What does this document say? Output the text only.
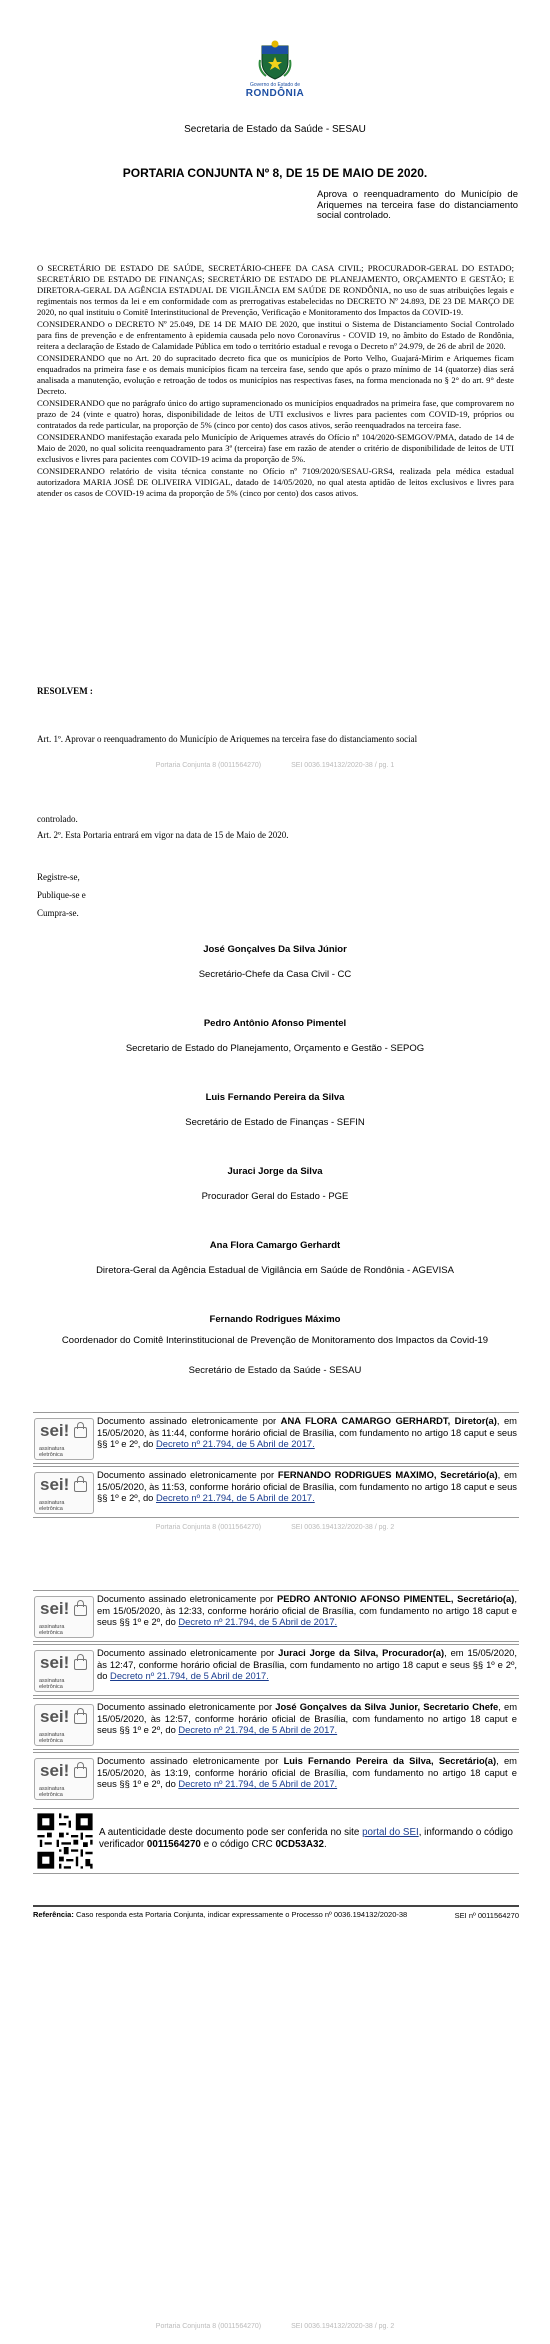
Governo do Estado de
RONDÔNIA
Secretaria de Estado da Saúde - SESAU
PORTARIA CONJUNTA Nº 8, DE 15 DE MAIO DE 2020.
Aprova o reenquadramento do Município de Ariquemes na terceira fase do distanciamento social controlado.

O SECRETÁRIO DE ESTADO DE SAÚDE, SECRETÁRIO-CHEFE DA CASA CIVIL; PROCURADOR-GERAL DO ESTADO; SECRETÁRIO DE ESTADO DE FINANÇAS; SECRETÁRIO DE ESTADO DE PLANEJAMENTO, ORÇAMENTO E GESTÃO; E DIRETORA-GERAL DA AGÊNCIA ESTADUAL DE VIGILÂNCIA EM SAÚDE DE RONDÔNIA, no uso de suas atribuições legais e regimentais nos termos da lei e em conformidade com as prerrogativas estabelecidas no DECRETO Nº 24.893, DE 23 DE MARÇO DE 2020, no qual instituiu o Comitê Interinstitucional de Prevenção, Verificação e Monitoramento dos Impactos da COVID-19.

CONSIDERANDO o DECRETO Nº 25.049, DE 14 DE MAIO DE 2020, que institui o Sistema de Distanciamento Social Controlado para fins de prevenção e de enfrentamento à epidemia causada pelo novo Coronavírus - COVID 19, no âmbito do Estado de Rondônia, reitera a declaração de Estado de Calamidade Pública em todo o território estadual e revoga o Decreto nº 24.979, de 26 de abril de 2020.

CONSIDERANDO que no Art. 20 do supracitado decreto fica que os municípios de Porto Velho, Guajará-Mirim e Ariquemes ficam enquadrados na primeira fase e os demais municípios ficam na terceira fase, sendo que após o prazo mínimo de 14 (quatorze) dias será analisada a manutenção, evolução e retroação de todos os municípios nas respectivas fases, na forma mencionada no § 2° do art. 9° deste Decreto.

CONSIDERANDO que no parágrafo único do artigo supramencionado os municípios enquadrados na primeira fase, que comprovarem no prazo de 24 (vinte e quatro) horas, disponibilidade de leitos de UTI exclusivos e livres para pacientes com COVID-19, próprios ou contratados da rede particular, na proporção de 5% (cinco por cento) dos casos ativos, serão reenquadrados na terceira fase.

CONSIDERANDO manifestação exarada pelo Município de Ariquemes através do Ofício nº 104/2020-SEMGOV/PMA, datado de 14 de Maio de 2020, no qual solicita reenquadramento para 3ª (terceira) fase em razão de atender o critério de disponibilidade de leitos de UTI exclusivos e livres para pacientes com COVID-19 acima da proporção de 5%.

CONSIDERANDO relatório de visita técnica constante no Ofício nº 7109/2020/SESAU-GRS4, realizada pela médica estadual autorizadora MARIA JOSÉ DE OLIVEIRA VIDIGAL, datado de 14/05/2020, no qual atesta aptidão de leitos exclusivos e livres para atender os casos de COVID-19 acima da proporção de 5% (cinco por cento) dos casos ativos.

RESOLVEM :
Art. 1º. Aprovar o reenquadramento do Município de Ariquemes na terceira fase do distanciamento social
Portaria Conjunta 8 (0011564270)	SEI 0036.194132/2020-38 / pg. 1
controlado.
Art. 2º. Esta Portaria entrará em vigor na data de 15 de Maio de 2020.
Registre-se,
Publique-se e
Cumpra-se.
José Gonçalves Da Silva Júnior
Secretário-Chefe da Casa Civil - CC
Pedro Antônio Afonso Pimentel
Secretario de Estado do Planejamento, Orçamento e Gestão - SEPOG
Luis Fernando Pereira da Silva
Secretário de Estado de Finanças - SEFIN
Juraci Jorge da Silva
Procurador Geral do Estado - PGE
Ana Flora Camargo Gerhardt
Diretora-Geral da Agência Estadual de Vigilância em Saúde de Rondônia - AGEVISA
Fernando Rodrigues Máximo
Coordenador do Comitê Interinstitucional de Prevenção de Monitoramento dos Impactos da Covid-19
Secretário de Estado da Saúde - SESAU
sei!
assinatura
eletrônica
Documento assinado eletronicamente por ANA FLORA CAMARGO GERHARDT, Diretor(a), em 15/05/2020, às 11:44, conforme horário oficial de Brasília, com fundamento no artigo 18 caput e seus §§ 1º e 2º, do Decreto nº 21.794, de 5 Abril de 2017.
sei!
assinatura
eletrônica
Documento assinado eletronicamente por FERNANDO RODRIGUES MAXIMO, Secretário(a), em 15/05/2020, às 11:53, conforme horário oficial de Brasília, com fundamento no artigo 18 caput e seus §§ 1º e 2º, do Decreto nº 21.794, de 5 Abril de 2017.
Portaria Conjunta 8 (0011564270)	SEI 0036.194132/2020-38 / pg. 2
sei!
assinatura
eletrônica
Documento assinado eletronicamente por PEDRO ANTONIO AFONSO PIMENTEL, Secretário(a), em 15/05/2020, às 12:33, conforme horário oficial de Brasília, com fundamento no artigo 18 caput e seus §§ 1º e 2º, do Decreto nº 21.794, de 5 Abril de 2017.
sei!
assinatura
eletrônica
Documento assinado eletronicamente por Juraci Jorge da Silva, Procurador(a), em 15/05/2020, às 12:47, conforme horário oficial de Brasília, com fundamento no artigo 18 caput e seus §§ 1º e 2º, do Decreto nº 21.794, de 5 Abril de 2017.
sei!
assinatura
eletrônica
Documento assinado eletronicamente por José Gonçalves da Silva Junior, Secretario Chefe, em 15/05/2020, às 12:57, conforme horário oficial de Brasília, com fundamento no artigo 18 caput e seus §§ 1º e 2º, do Decreto nº 21.794, de 5 Abril de 2017.
sei!
assinatura
eletrônica
Documento assinado eletronicamente por Luis Fernando Pereira da Silva, Secretário(a), em 15/05/2020, às 13:19, conforme horário oficial de Brasília, com fundamento no artigo 18 caput e seus §§ 1º e 2º, do Decreto nº 21.794, de 5 Abril de 2017.
A autenticidade deste documento pode ser conferida no site portal do SEI, informando o código verificador 0011564270 e o código CRC 0CD53A32.
Referência: Caso responda esta Portaria Conjunta, indicar expressamente o Processo nº 0036.194132/2020-38	SEI nº 0011564270
Portaria Conjunta 8 (0011564270)	SEI 0036.194132/2020-38 / pg. 2
